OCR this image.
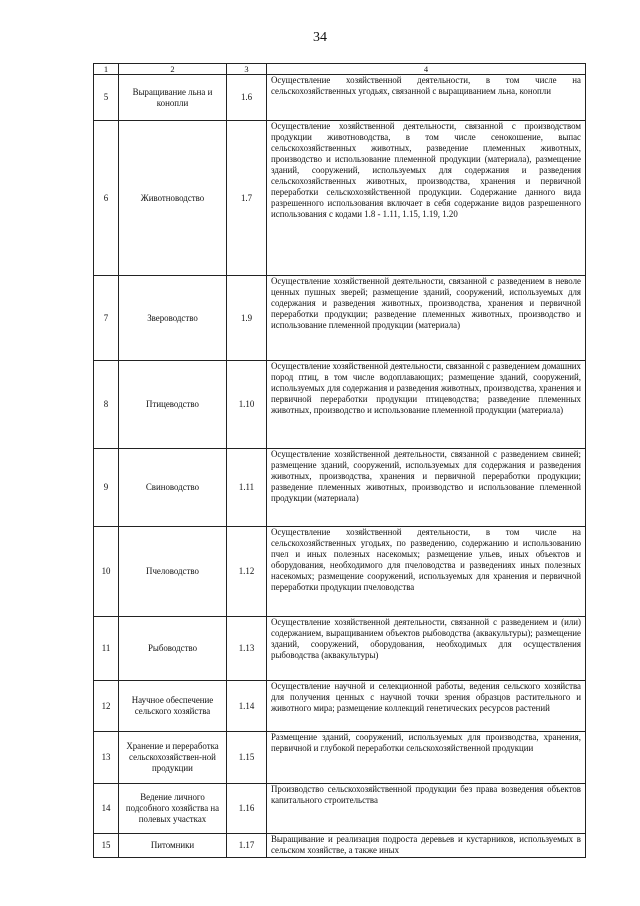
34
1	2	3	4
5	Выращивание льна и конопли	1.6	Осуществление хозяйственной деятельности, в том числе на сельскохозяйственных угодьях, связанной с выращиванием льна, конопли
6	Животноводство	1.7	Осуществление хозяйственной деятельности, связанной с производством продукции животноводства, в том числе сенокошение, выпас сельскохозяйственных животных, разведение племенных животных, производство и использование племенной продукции (материала), размещение зданий, сооружений, используемых для содержания и разведения сельскохозяйственных животных, производства, хранения и первичной переработки сельскохозяйственной продукции. Содержание данного вида разрешенного использования включает в себя содержание видов разрешенного использования с кодами 1.8 - 1.11, 1.15, 1.19, 1.20
7	Звероводство	1.9	Осуществление хозяйственной деятельности, связанной с разведением в неволе ценных пушных зверей; размещение зданий, сооружений, используемых для содержания и разведения животных, производства, хранения и первичной переработки продукции; разведение племенных животных, производство и использование племенной продукции (материала)
8	Птицеводство	1.10	Осуществление хозяйственной деятельности, связанной с разведением домашних пород птиц, в том числе водоплавающих; размещение зданий, сооружений, используемых для содержания и разведения животных, производства, хранения и первичной переработки продукции птицеводства; разведение племенных животных, производство и использование племенной продукции (материала)
9	Свиноводство	1.11	Осуществление хозяйственной деятельности, связанной с разведением свиней; размещение зданий, сооружений, используемых для содержания и разведения животных, производства, хранения и первичной переработки продукции; разведение племенных животных, производство и использование племенной продукции (материала)
10	Пчеловодство	1.12	Осуществление хозяйственной деятельности, в том числе на сельскохозяйственных угодьях, по разведению, содержанию и использованию пчел и иных полезных насекомых; размещение ульев, иных объектов и оборудования, необходимого для пчеловодства и разведениях иных полезных насекомых; размещение сооружений, используемых для хранения и первичной переработки продукции пчеловодства
11	Рыбоводство	1.13	Осуществление хозяйственной деятельности, связанной с разведением и (или) содержанием, выращиванием объектов рыбоводства (аквакультуры); размещение зданий, сооружений, оборудования, необходимых для осуществления рыбоводства (аквакультуры)
12	Научное обеспечение сельского хозяйства	1.14	Осуществление научной и селекционной работы, ведения сельского хозяйства для получения ценных с научной точки зрения образцов растительного и животного мира; размещение коллекций генетических ресурсов растений
13	Хранение и переработка сельскохозяйствен-ной продукции	1.15	Размещение зданий, сооружений, используемых для производства, хранения, первичной и глубокой переработки сельскохозяйственной продукции
14	Ведение личного подсобного хозяйства на полевых участках	1.16	Производство сельскохозяйственной продукции без права возведения объектов капитального строительства
15	Питомники	1.17	Выращивание и реализация подроста деревьев и кустарников, используемых в сельском хозяйстве, а также иных
